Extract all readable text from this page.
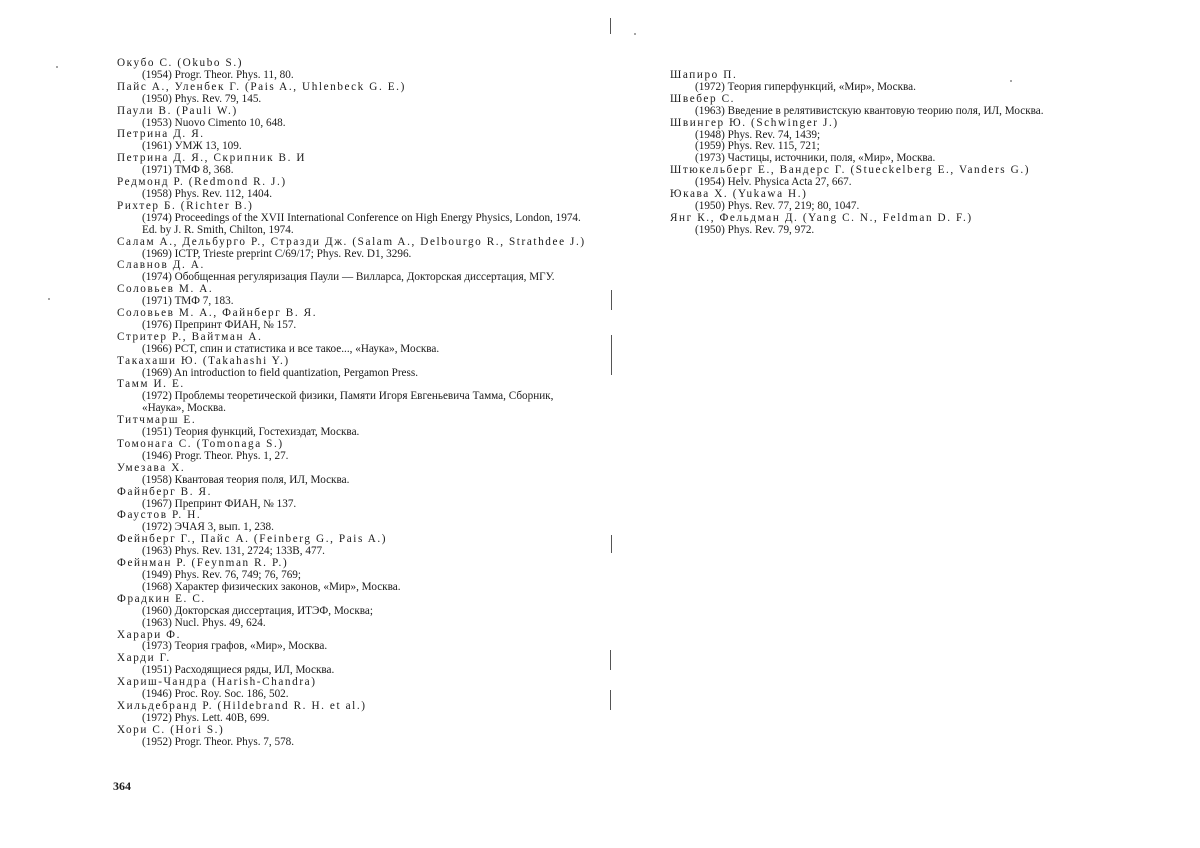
Окубо С. (Okubo S.)
(1954) Progr. Theor. Phys. 11, 80.
Пайс А., Уленбек Г. (Pais A., Uhlenbeck G. E.)
(1950) Phys. Rev. 79, 145.
Паули В. (Pauli W.)
(1953) Nuovo Cimento 10, 648.
Петрина Д. Я.
(1961) УМЖ 13, 109.
Петрина Д. Я., Скрипник В. И
(1971) ТМФ 8, 368.
Редмонд Р. (Redmond R. J.)
(1958) Phys. Rev. 112, 1404.
Рихтер Б. (Richter B.)
(1974) Proceedings of the XVII International Conference on High Energy Physics, London, 1974. Ed. by J. R. Smith, Chilton, 1974.
Салам А., Дельбурго Р., Стразди Дж. (Salam A., Delbourgo R., Strathdee J.)
(1969) ICTP, Trieste preprint C/69/17; Phys. Rev. D1, 3296.
Славнов Д. А.
(1974) Обобщенная регуляризация Паули — Вилларса, Докторская диссертация, МГУ.
Соловьев М. А.
(1971) ТМФ 7, 183.
Соловьев М. А., Файнберг В. Я.
(1976) Препринт ФИАН, № 157.
Стритер Р., Вайтман А.
(1966) PCT, спин и статистика и все такое..., «Наука», Москва.
Такахаши Ю. (Takahashi Y.)
(1969) An introduction to field quantization, Pergamon Press.
Тамм И. Е.
(1972) Проблемы теоретической физики, Памяти Игоря Евгеньевича Тамма, Сборник, «Наука», Москва.
Титчмарш Е.
(1951) Теория функций, Гостехиздат, Москва.
Томонага С. (Tomonaga S.)
(1946) Progr. Theor. Phys. 1, 27.
Умезава Х.
(1958) Квантовая теория поля, ИЛ, Москва.
Файнберг В. Я.
(1967) Препринт ФИАН, № 137.
Фаустов Р. Н.
(1972) ЭЧАЯ 3, вып. 1, 238.
Фейнберг Г., Пайс А. (Feinberg G., Pais A.)
(1963) Phys. Rev. 131, 2724; 133B, 477.
Фейнман Р. (Feynman R. P.)
(1949) Phys. Rev. 76, 749; 76, 769;
(1968) Характер физических законов, «Мир», Москва.
Фрадкин Е. С.
(1960) Докторская диссертация, ИТЭФ, Москва;
(1963) Nucl. Phys. 49, 624.
Харари Ф.
(1973) Теория графов, «Мир», Москва.
Харди Г.
(1951) Расходящиеся ряды, ИЛ, Москва.
Хариш-Чандра (Harish-Chandra)
(1946) Proc. Roy. Soc. 186, 502.
Хильдебранд Р. (Hildebrand R. H. et al.)
(1972) Phys. Lett. 40B, 699.
Хори С. (Hori S.)
(1952) Progr. Theor. Phys. 7, 578.
364
Шапиро П.
(1972) Теория гиперфункций, «Мир», Москва.
Швебер С.
(1963) Введение в релятивистскую квантовую теорию поля, ИЛ, Москва.
Швингер Ю. (Schwinger J.)
(1948) Phys. Rev. 74, 1439;
(1959) Phys. Rev. 115, 721;
(1973) Частицы, источники, поля, «Мир», Москва.
Штюкельберг Е., Вандерс Г. (Stueckelberg E., Vanders G.)
(1954) Helv. Physica Acta 27, 667.
Юкава Х. (Yukawa H.)
(1950) Phys. Rev. 77, 219; 80, 1047.
Янг К., Фельдман Д. (Yang C. N., Feldman D. F.)
(1950) Phys. Rev. 79, 972.
